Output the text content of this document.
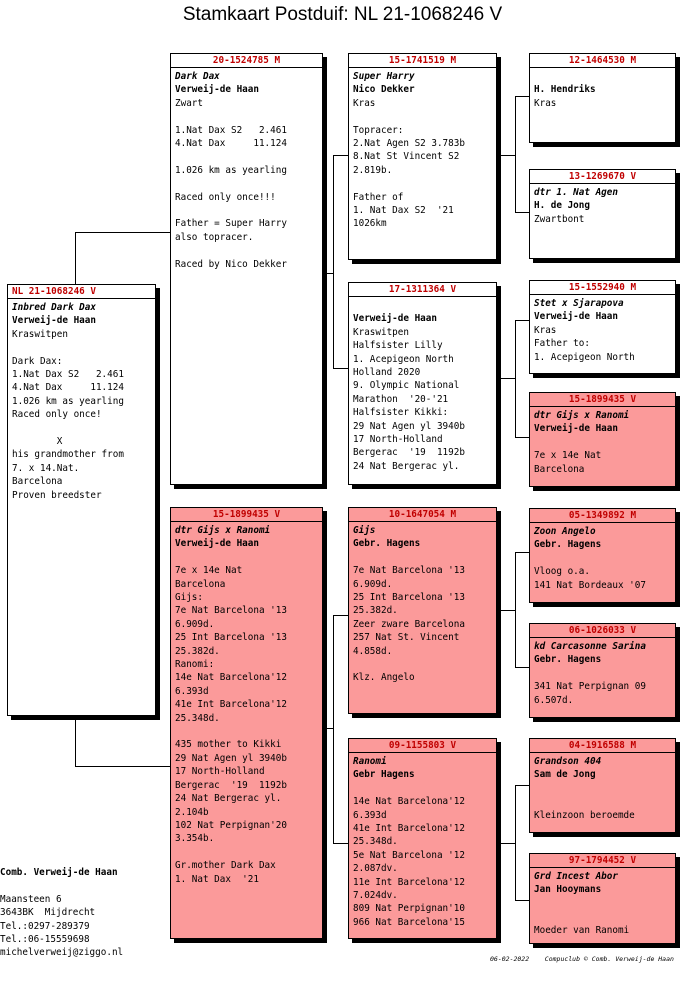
Stamkaart Postduif: NL 21-1068246 V
NL 21-1068246 V
Inbred Dark Dax
Verweij-de Haan
Kraswitpen
Dark Dax:
1.Nat Dax S2   2.461
4.Nat Dax     11.124
1.026 km as yearling
Raced only once!
X
his grandmother from
7. x 14.Nat.
Barcelona
Proven breedster
20-1524785 M
Dark Dax
Verweij-de Haan
Zwart
1.Nat Dax S2   2.461
4.Nat Dax     11.124
1.026 km as yearling
Raced only once!!!
Father = Super Harry
also topracer.
Raced by Nico Dekker
15-1899435 V
dtr Gijs x Ranomi
Verweij-de Haan
7e x 14e Nat
Barcelona
Gijs:
7e Nat Barcelona '13
6.909d.
25 Int Barcelona '13
25.382d.
Ranomi:
14e Nat Barcelona'12
6.393d
41e Int Barcelona'12
25.348d.
435 mother to Kikki
29 Nat Agen yl 3940b
17 North-Holland
Bergerac  '19  1192b
24 Nat Bergerac yl.
2.104b
102 Nat Perpignan'20
3.354b.
Gr.mother Dark Dax
1. Nat Dax  '21
15-1741519 M
Super Harry
Nico Dekker
Kras
Topracer:
2.Nat Agen S2 3.783b
8.Nat St Vincent S2
2.819b.
Father of
1. Nat Dax S2  '21
1026km
17-1311364 V
Verweij-de Haan
Kraswitpen
Halfsister Lilly
1. Acepigeon North
Holland 2020
9. Olympic National
Marathon  '20-'21
Halfsister Kikki:
29 Nat Agen yl 3940b
17 North-Holland
Bergerac  '19  1192b
24 Nat Bergerac yl.
10-1647054 M
Gijs
Gebr. Hagens
7e Nat Barcelona '13
6.909d.
25 Int Barcelona '13
25.382d.
Zeer zware Barcelona
257 Nat St. Vincent
4.858d.
Klz. Angelo
09-1155803 V
Ranomi
Gebr Hagens
14e Nat Barcelona'12
6.393d
41e Int Barcelona'12
25.348d.
5e Nat Barcelona '12
2.087dv.
11e Int Barcelona'12
7.024dv.
809 Nat Perpignan'10
966 Nat Barcelona'15
12-1464530 M
H. Hendriks
Kras
13-1269670 V
dtr 1. Nat Agen
H. de Jong
Zwartbont
15-1552940 M
Stet x Sjarapova
Verweij-de Haan
Kras
Father to:
1. Acepigeon North
15-1899435 V
dtr Gijs x Ranomi
Verweij-de Haan
7e x 14e Nat
Barcelona
05-1349892 M
Zoon Angelo
Gebr. Hagens
Vloog o.a.
141 Nat Bordeaux '07
06-1026033 V
kd Carcasonne Sarina
Gebr. Hagens
341 Nat Perpignan 09
6.507d.
04-1916588 M
Grandson 404
Sam de Jong
Kleinzoon beroemde
97-1794452 V
Grd Incest Abor
Jan Hooymans
Moeder van Ranomi
Comb. Verweij-de Haan
Maansteen 6
3643BK  Mijdrecht
Tel.:0297-289379
Tel.:06-15559698
michelverweij@ziggo.nl
06-02-2022    Compuclub © Comb. Verweij-de Haan
